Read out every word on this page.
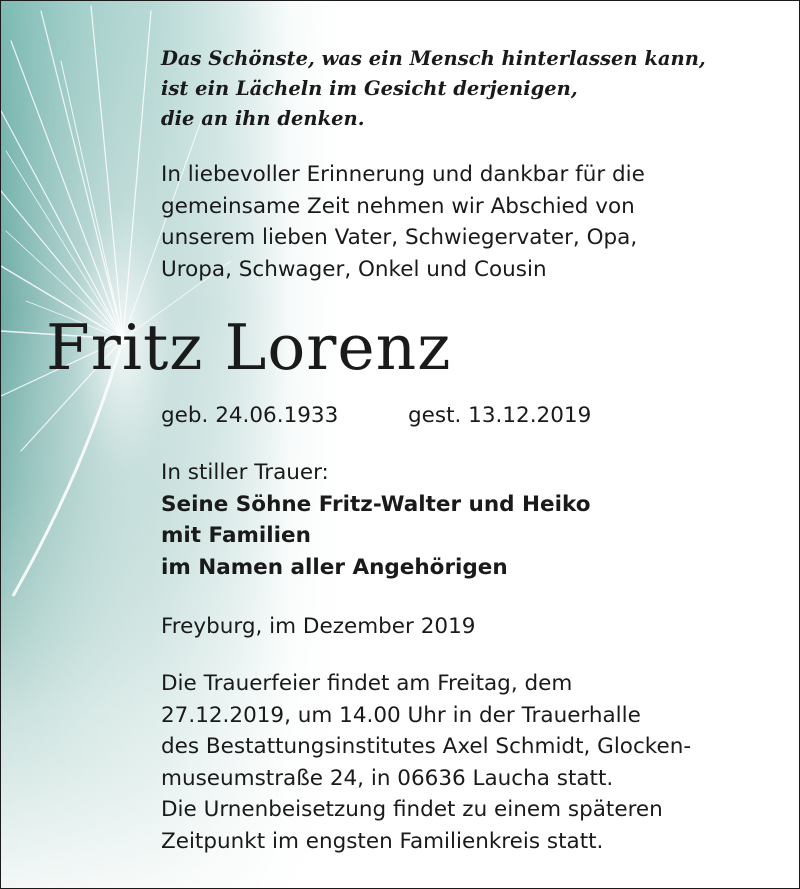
Das Schönste, was ein Mensch hinterlassen kann,
ist ein Lächeln im Gesicht derjenigen,
die an ihn denken.
In liebevoller Erinnerung und dankbar für die
gemeinsame Zeit nehmen wir Abschied von
unserem lieben Vater, Schwiegervater, Opa,
Uropa, Schwager, Onkel und Cousin
Fritz Lorenz
geb. 24.06.1933	gest. 13.12.2019
In stiller Trauer:
Seine Söhne Fritz-Walter und Heiko
mit Familien
im Namen aller Angehörigen
Freyburg, im Dezember 2019
Die Trauerfeier findet am Freitag, dem
27.12.2019, um 14.00 Uhr in der Trauerhalle
des Bestattungsinstitutes Axel Schmidt, Glocken-
museumstraße 24, in 06636 Laucha statt.
Die Urnenbeisetzung findet zu einem späteren
Zeitpunkt im engsten Familienkreis statt.
